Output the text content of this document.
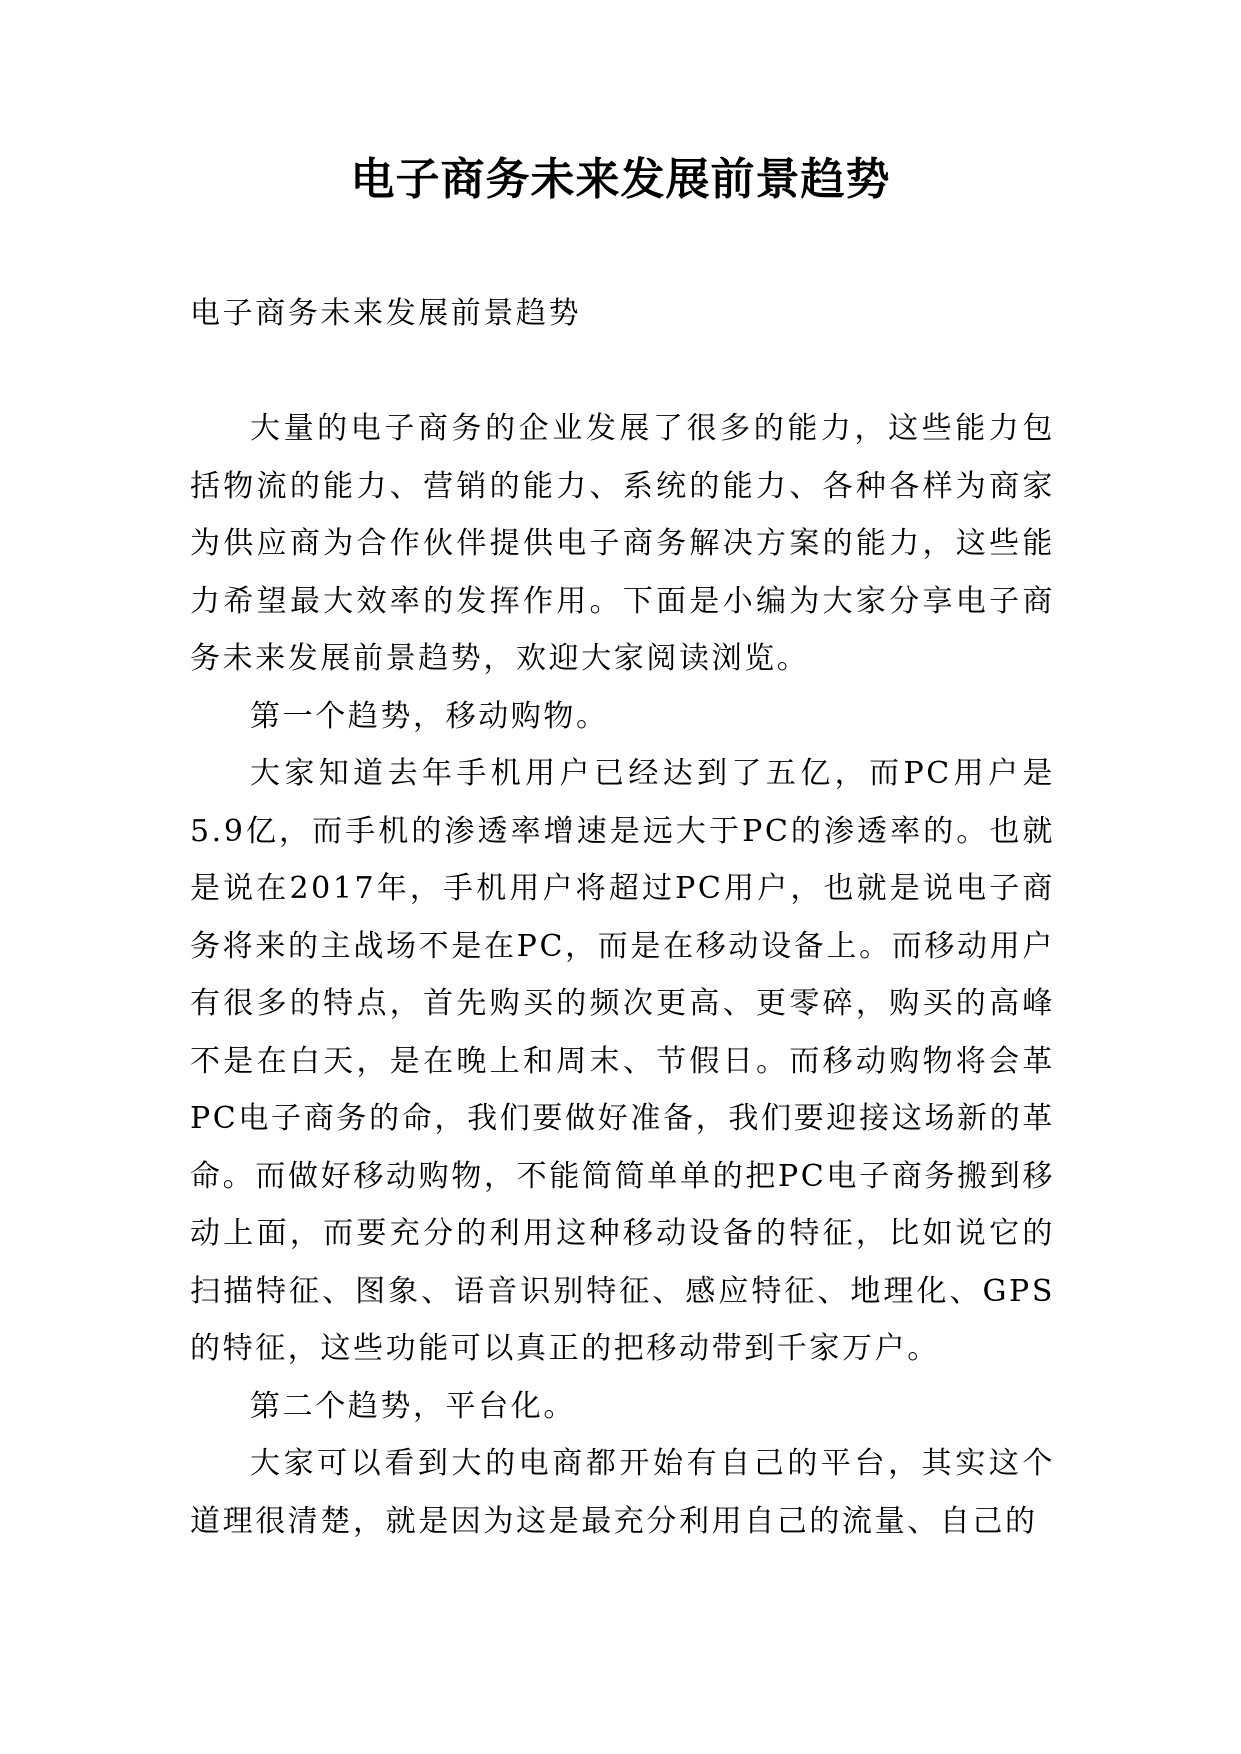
电子商务未来发展前景趋势

电子商务未来发展前景趋势

大量的电子商务的企业发展了很多的能力，这些能力包括物流的能力、营销的能力、系统的能力、各种各样为商家为供应商为合作伙伴提供电子商务解决方案的能力，这些能力希望最大效率的发挥作用。下面是小编为大家分享电子商务未来发展前景趋势，欢迎大家阅读浏览。

第一个趋势，移动购物。

大家知道去年手机用户已经达到了五亿，而PC用户是5.9亿，而手机的渗透率增速是远大于PC的渗透率的。也就是说在2017年，手机用户将超过PC用户，也就是说电子商务将来的主战场不是在PC，而是在移动设备上。而移动用户有很多的特点，首先购买的频次更高、更零碎，购买的高峰不是在白天，是在晚上和周末、节假日。而移动购物将会革PC电子商务的命，我们要做好准备，我们要迎接这场新的革命。而做好移动购物，不能简简单单的把PC电子商务搬到移动上面，而要充分的利用这种移动设备的特征，比如说它的扫描特征、图象、语音识别特征、感应特征、地理化、GPS的特征，这些功能可以真正的把移动带到千家万户。

第二个趋势，平台化。

大家可以看到大的电商都开始有自己的平台，其实这个道理很清楚，就是因为这是最充分利用自己的流量、自己的
